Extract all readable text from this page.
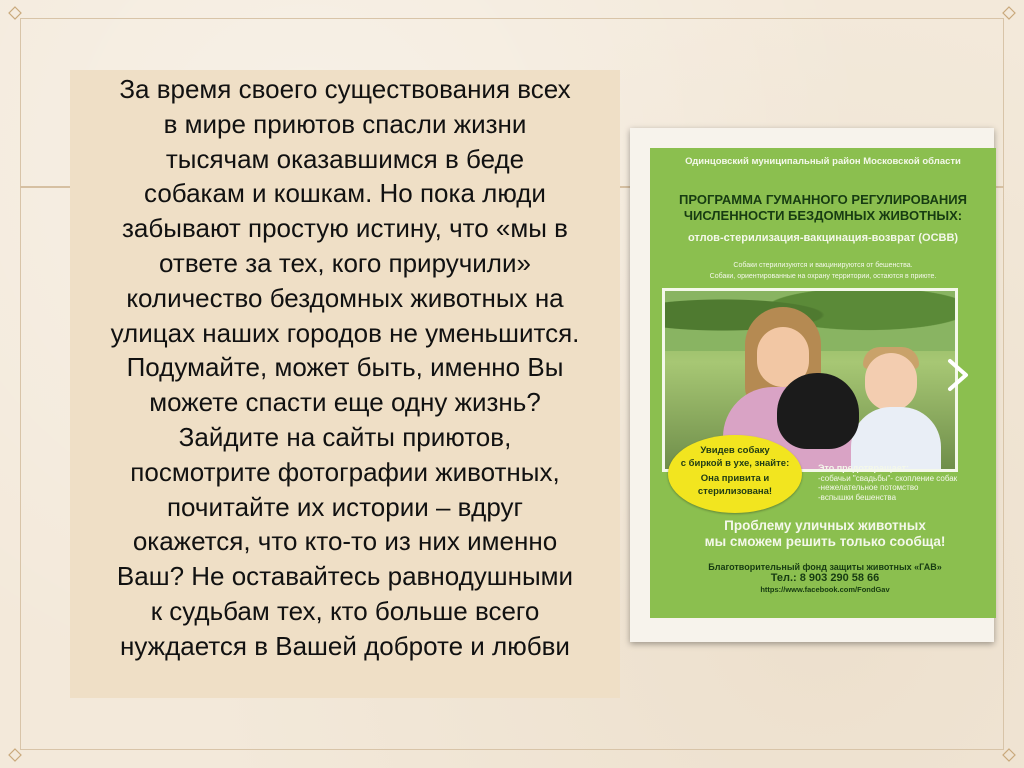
За время своего существования всех
в мире приютов спасли жизни
тысячам оказавшимся в беде
собакам и кошкам. Но пока люди
забывают простую истину, что «мы в
ответе за тех, кого приручили»
количество бездомных животных на
улицах наших городов не уменьшится.
Подумайте, может быть, именно Вы
можете спасти еще одну жизнь?
Зайдите на сайты приютов,
посмотрите фотографии животных,
почитайте их истории – вдруг
окажется, что кто-то из них именно
Ваш? Не оставайтесь равнодушными
к судьбам тех, кто больше всего
нуждается в Вашей доброте и любви
Одинцовский муниципальный район Московской области
ПРОГРАММА ГУМАННОГО РЕГУЛИРОВАНИЯ
ЧИСЛЕННОСТИ БЕЗДОМНЫХ ЖИВОТНЫХ:
отлов-стерилизация-вакцинация-возврат (ОСВВ)
Собаки стерилизуются и вакцинируются от бешенства.
Собаки, ориентированные на охрану территории, остаются в приюте.
Увидев собаку
с биркой в ухе, знайте:
Она привита и
стерилизована!
Это предотвращает:
-собачьи "свадьбы"- скопление собак
-нежелательное потомство
-вспышки бешенства
Проблему уличных животных
мы сможем решить только сообща!
Благотворительный фонд защиты животных «ГАВ»
Тел.: 8 903 290 58 66
https://www.facebook.com/FondGav
